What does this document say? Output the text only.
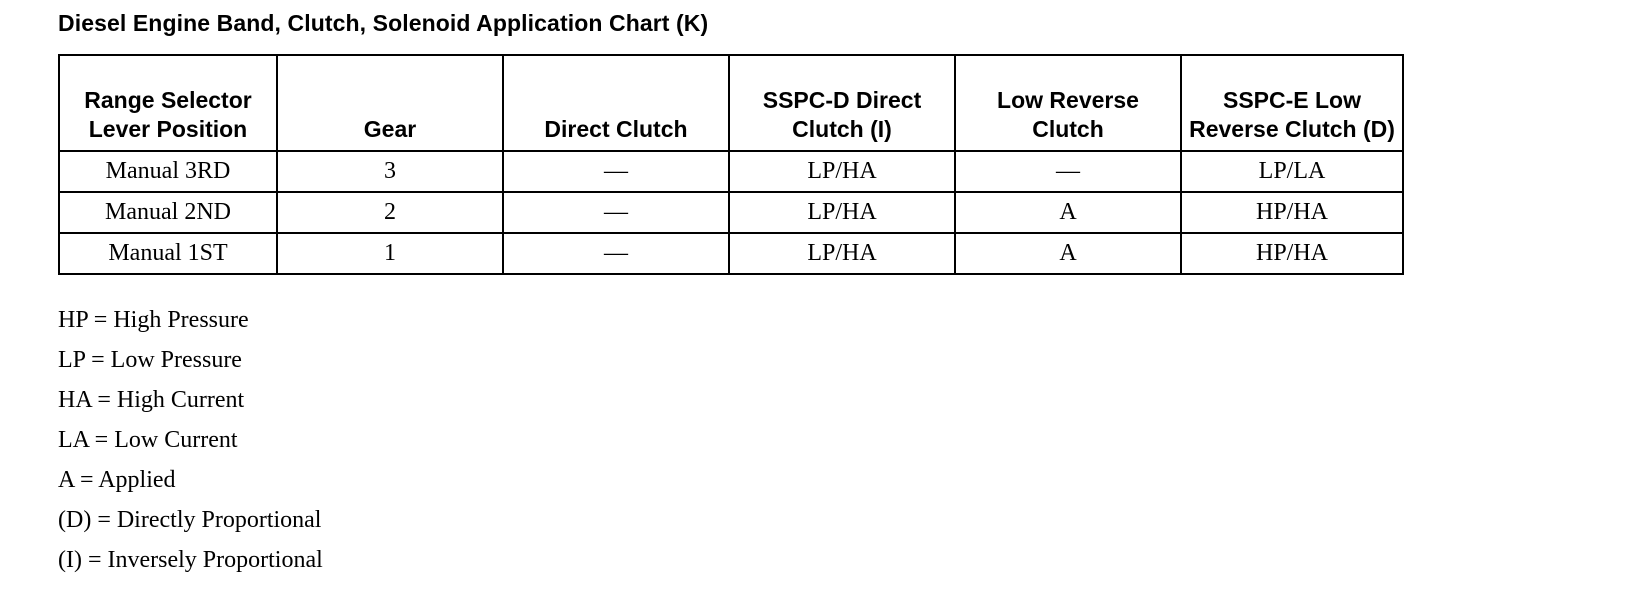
Diesel Engine Band, Clutch, Solenoid Application Chart (K)
Range Selector Lever Position	Gear	Direct Clutch	SSPC-D Direct Clutch (I)	Low Reverse Clutch	SSPC-E Low Reverse Clutch (D)
Manual 3RD	3	—	LP/HA	—	LP/LA
Manual 2ND	2	—	LP/HA	A	HP/HA
Manual 1ST	1	—	LP/HA	A	HP/HA
HP = High Pressure
LP = Low Pressure
HA = High Current
LA = Low Current
A = Applied
(D) = Directly Proportional
(I) = Inversely Proportional
